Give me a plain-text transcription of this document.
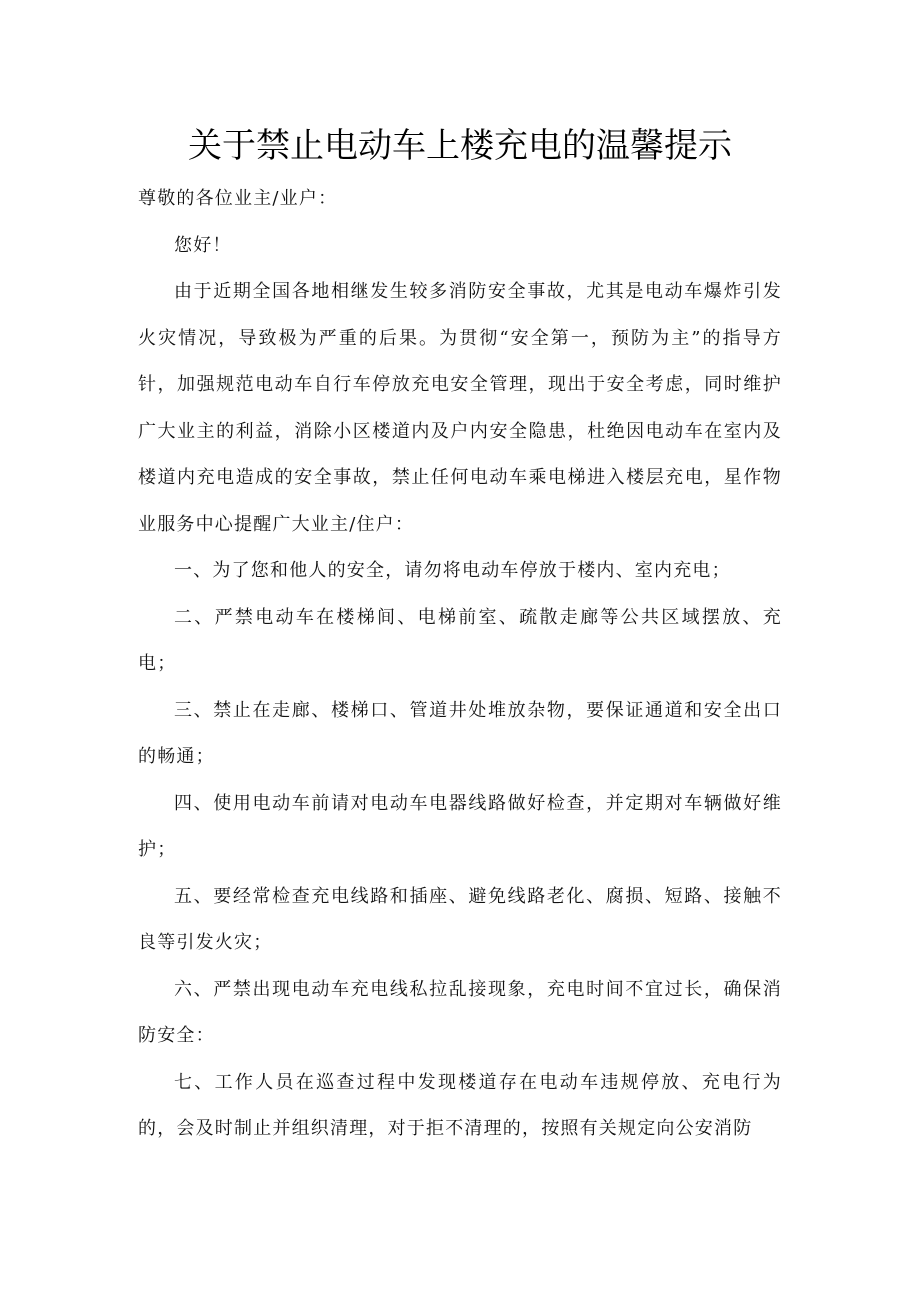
关于禁止电动车上楼充电的温馨提示

尊敬的各位业主/业户：

您好！

由于近期全国各地相继发生较多消防安全事故，尤其是电动车爆炸引发火灾情况，导致极为严重的后果。为贯彻“安全第一，预防为主”的指导方针，加强规范电动车自行车停放充电安全管理，现出于安全考虑，同时维护广大业主的利益，消除小区楼道内及户内安全隐患，杜绝因电动车在室内及楼道内充电造成的安全事故，禁止任何电动车乘电梯进入楼层充电，星作物业服务中心提醒广大业主/住户：

一、为了您和他人的安全，请勿将电动车停放于楼内、室内充电；

二、严禁电动车在楼梯间、电梯前室、疏散走廊等公共区域摆放、充电；

三、禁止在走廊、楼梯口、管道井处堆放杂物，要保证通道和安全出口的畅通；

四、使用电动车前请对电动车电器线路做好检查，并定期对车辆做好维护；

五、要经常检查充电线路和插座、避免线路老化、腐损、短路、接触不良等引发火灾；

六、严禁出现电动车充电线私拉乱接现象，充电时间不宜过长，确保消防安全：

七、工作人员在巡查过程中发现楼道存在电动车违规停放、充电行为的，会及时制止并组织清理，对于拒不清理的，按照有关规定向公安消防
